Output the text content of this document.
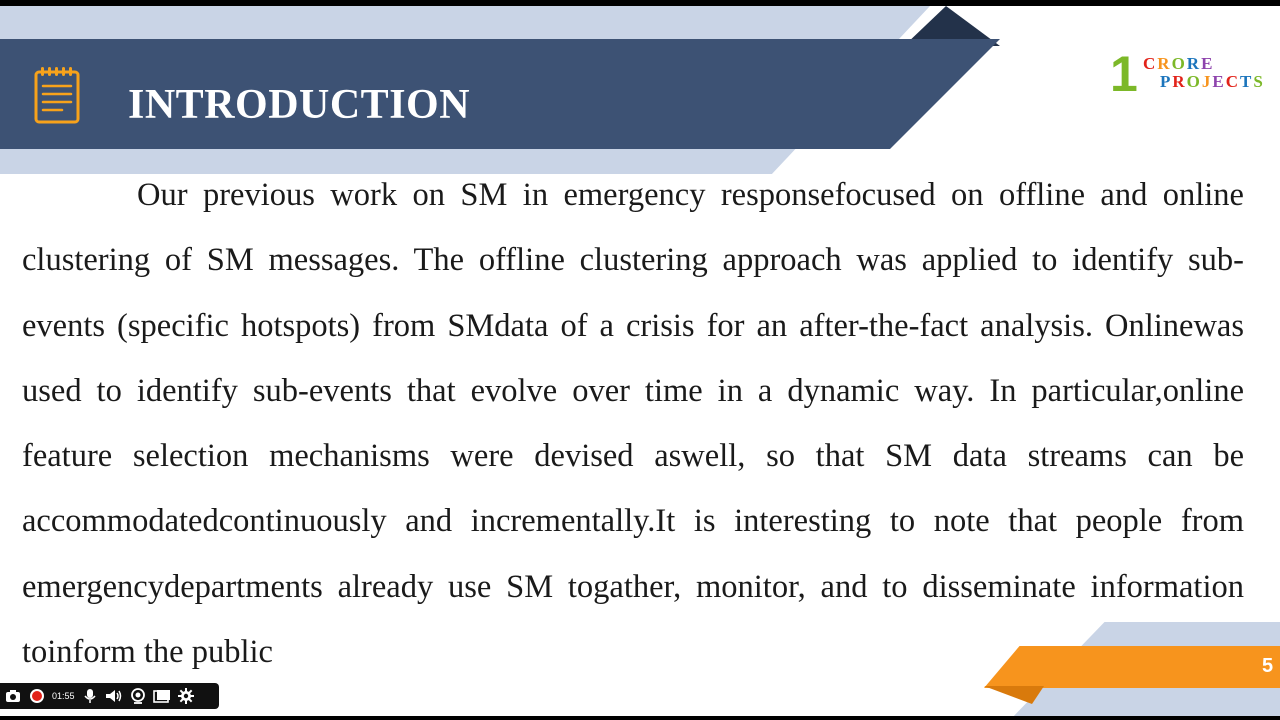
INTRODUCTION
1 CRORE
PROJECTS

Our previous work on SM in emergency responsefocused on offline and online clustering of SM messages. The offline clustering approach was applied to identify sub-events (specific hotspots) from SMdata of a crisis for an after-the-fact analysis. Onlinewas used to identify sub-events that evolve over time in a dynamic way. In particular,online feature selection mechanisms were devised aswell, so that SM data streams can be accommodatedcontinuously and incrementally.It is interesting to note that people from emergencydepartments already use SM togather, monitor, and to disseminate information toinform the public	5
01:55
